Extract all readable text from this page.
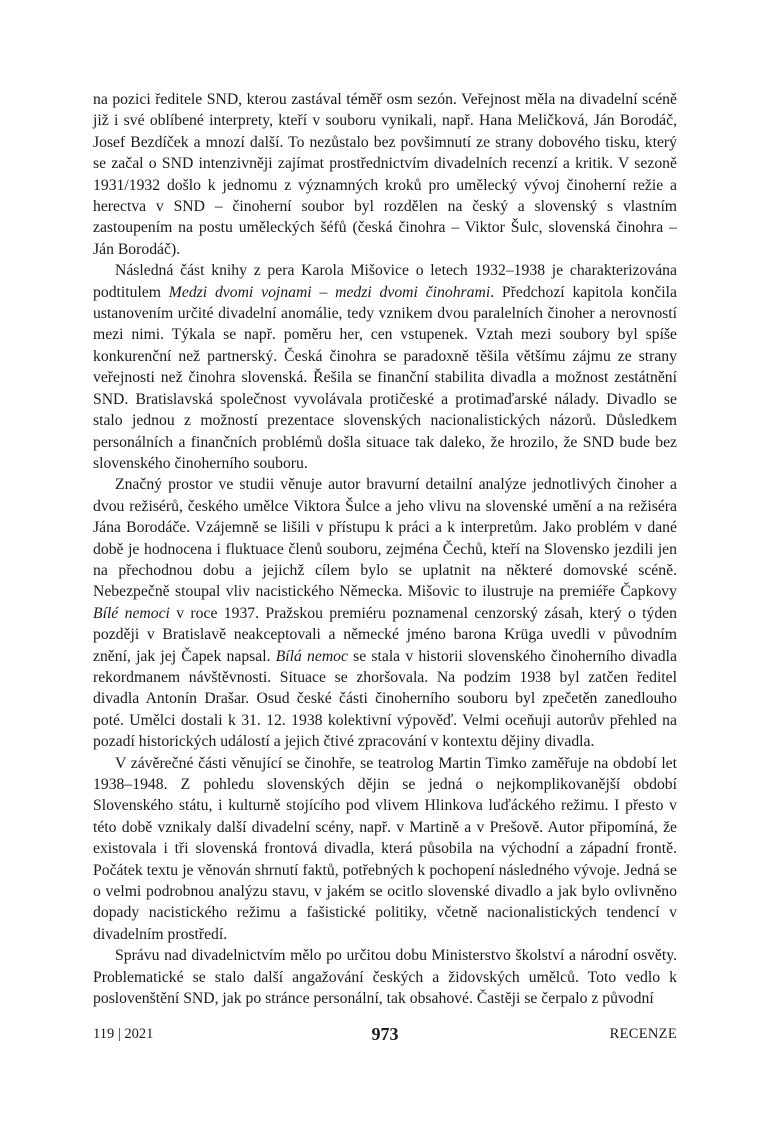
na pozici ředitele SND, kterou zastával téměř osm sezón. Veřejnost měla na divadelní scéně již i své oblíbené interprety, kteří v souboru vynikali, např. Hana Meličková, Ján Borodáč, Josef Bezdíček a mnozí další. To nezůstalo bez povšimnutí ze strany dobového tisku, který se začal o SND intenzivněji zajímat prostřednictvím divadelních recenzí a kritik. V sezoně 1931/1932 došlo k jednomu z významných kroků pro umělecký vývoj činoherní režie a herectva v SND – činoherní soubor byl rozdělen na český a slovenský s vlastním zastoupením na postu uměleckých šéfů (česká činohra – Viktor Šulc, slovenská činohra – Ján Borodáč).

Následná část knihy z pera Karola Mišovice o letech 1932–1938 je charakterizována podtitulem Medzi dvomi vojnami – medzi dvomi činohrami. Předchozí kapitola končila ustanovením určité divadelní anomálie, tedy vznikem dvou paralelních činoher a nerovností mezi nimi. Týkala se např. poměru her, cen vstupenek. Vztah mezi soubory byl spíše konkurenční než partnerský. Česká činohra se paradoxně těšila většímu zájmu ze strany veřejnosti než činohra slovenská. Řešila se finanční stabilita divadla a možnost zestátnění SND. Bratislavská společnost vyvolávala protičeské a protimaďarské nálady. Divadlo se stalo jednou z možností prezentace slovenských nacionalistických názorů. Důsledkem personálních a finančních problémů došla situace tak daleko, že hrozilo, že SND bude bez slovenského činoherního souboru.

Značný prostor ve studii věnuje autor bravurní detailní analýze jednotlivých činoher a dvou režisérů, českého umělce Viktora Šulce a jeho vlivu na slovenské umění a na režiséra Jána Borodáče. Vzájemně se lišili v přístupu k práci a k interpretům. Jako problém v dané době je hodnocena i fluktuace členů souboru, zejména Čechů, kteří na Slovensko jezdili jen na přechodnou dobu a jejichž cílem bylo se uplatnit na některé domovské scéně. Nebezpečně stoupal vliv nacistického Německa. Mišovic to ilustruje na premiéře Čapkovy Bílé nemoci v roce 1937. Pražskou premiéru poznamenal cenzorský zásah, který o týden později v Bratislavě neakceptovali a německé jméno barona Krüga uvedli v původním znění, jak jej Čapek napsal. Bílá nemoc se stala v historii slovenského činoherního divadla rekordmanem návštěvnosti. Situace se zhoršovala. Na podzim 1938 byl zatčen ředitel divadla Antonín Drašar. Osud české části činoherního souboru byl zpečetěn zanedlouho poté. Umělci dostali k 31. 12. 1938 kolektivní výpověď. Velmi oceňuji autorův přehled na pozadí historických událostí a jejich čtivé zpracování v kontextu dějiny divadla.

V závěrečné části věnující se činohře, se teatrolog Martin Timko zaměřuje na období let 1938–1948. Z pohledu slovenských dějin se jedná o nejkomplikovanější období Slovenského státu, i kulturně stojícího pod vlivem Hlinkova luďáckého režimu. I přesto v této době vznikaly další divadelní scény, např. v Martině a v Prešově. Autor připomíná, že existovala i tři slovenská frontová divadla, která působila na východní a západní frontě. Počátek textu je věnován shrnutí faktů, potřebných k pochopení následného vývoje. Jedná se o velmi podrobnou analýzu stavu, v jakém se ocitlo slovenské divadlo a jak bylo ovlivněno dopady nacistického režimu a fašistické politiky, včetně nacionalistických tendencí v divadelním prostředí.

Správu nad divadelnictvím mělo po určitou dobu Ministerstvo školství a národní osvěty. Problematické se stalo další angažování českých a židovských umělců. Toto vedlo k poslovenštění SND, jak po stránce personální, tak obsahové. Častěji se čerpalo z původní

119 | 2021	973	RECENZE
